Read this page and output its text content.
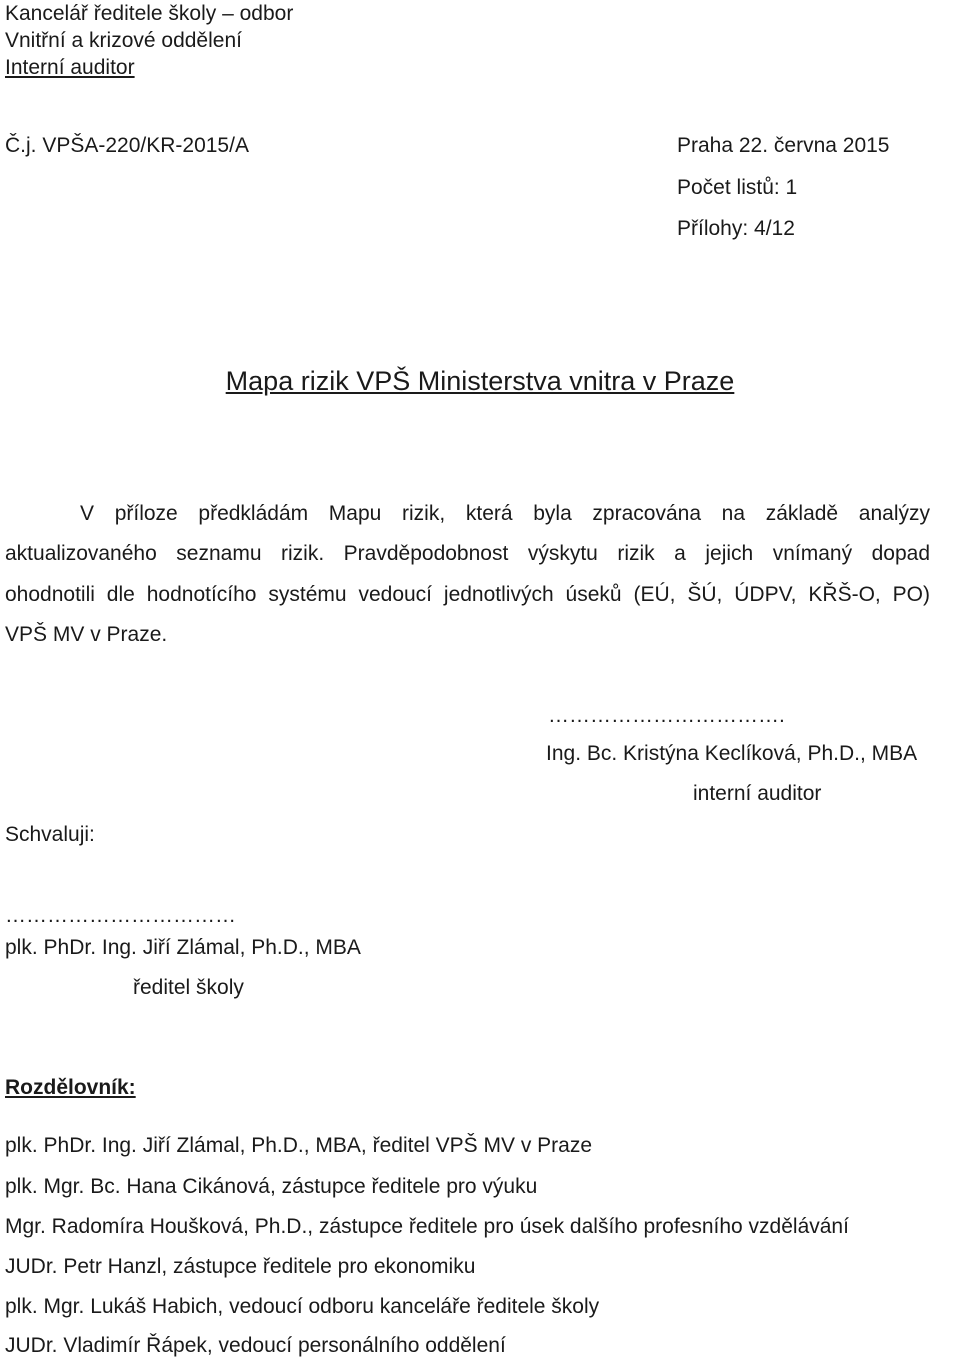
Kancelář ředitele školy – odbor
Vnitřní a krizové oddělení
Interní auditor
Č.j. VPŠA-220/KR-2015/A	Praha 22. června 2015
Počet listů: 1
Přílohy: 4/12
Mapa rizik VPŠ Ministerstva vnitra v Praze
V příloze předkládám Mapu rizik, která byla zpracována na základě analýzy
aktualizovaného seznamu rizik. Pravděpodobnost výskytu rizik a jejich vnímaný dopad
ohodnotili dle hodnotícího systému vedoucí jednotlivých úseků (EÚ, ŠÚ, ÚDPV, KŘŠ-O, PO)
VPŠ MV v Praze.
…………………………….
Ing. Bc. Kristýna Keclíková, Ph.D., MBA
interní auditor
Schvaluji:
……………………………
plk. PhDr. Ing. Jiří Zlámal, Ph.D., MBA
ředitel školy
Rozdělovník:
plk. PhDr. Ing. Jiří Zlámal, Ph.D., MBA, ředitel VPŠ MV v Praze
plk. Mgr. Bc. Hana Cikánová, zástupce ředitele pro výuku
Mgr. Radomíra Houšková, Ph.D., zástupce ředitele pro úsek dalšího profesního vzdělávání
JUDr. Petr Hanzl, zástupce ředitele pro ekonomiku
plk. Mgr. Lukáš Habich, vedoucí odboru kanceláře ředitele školy
JUDr. Vladimír Řápek, vedoucí personálního oddělení
